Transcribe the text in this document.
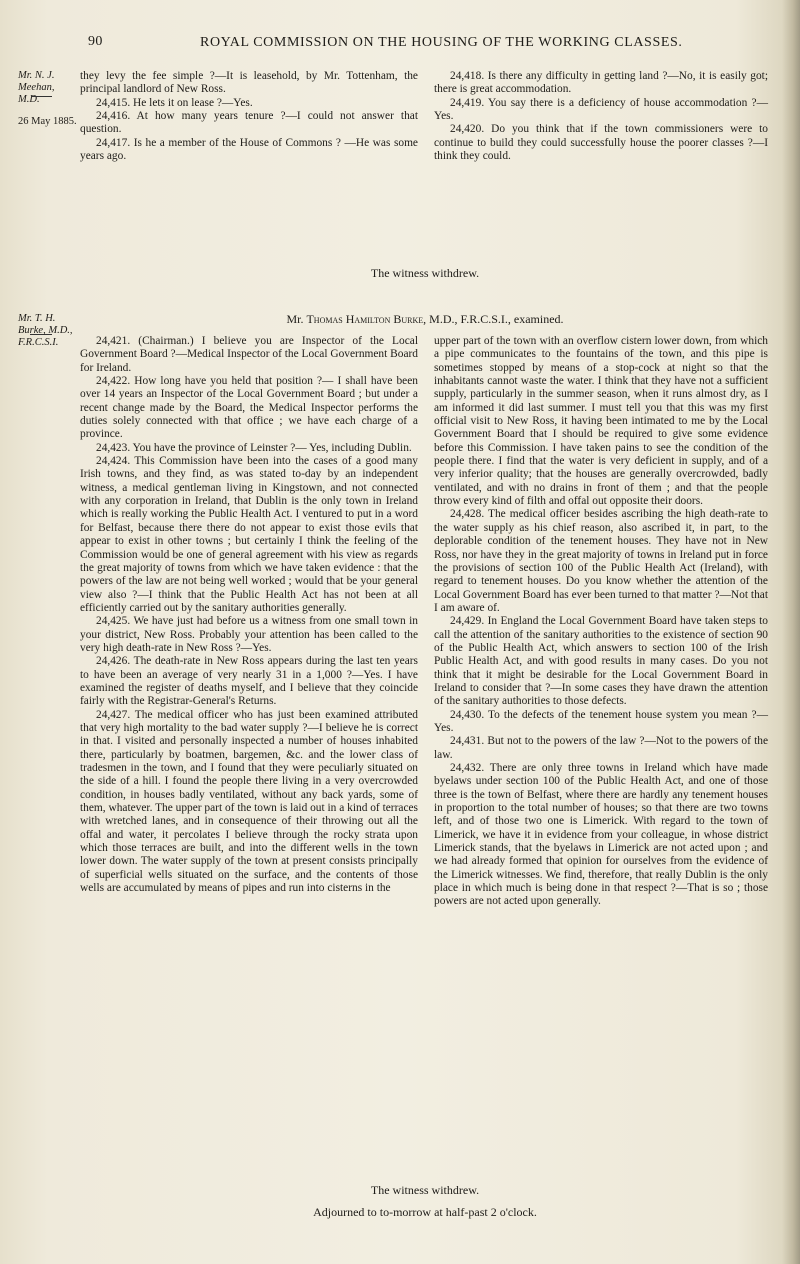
90	ROYAL COMMISSION ON THE HOUSING OF THE WORKING CLASSES.
Mr. N. J. Meehan, M.D.
26 May 1885.

they levy the fee simple ?—It is leasehold, by Mr. Tottenham, the principal landlord of New Ross.

24,415. He lets it on lease ?—Yes.

24,416. At how many years tenure ?—I could not answer that question.

24,417. Is he a member of the House of Commons ? —He was some years ago.

24,418. Is there any difficulty in getting land ?—No, it is easily got; there is great accommodation.

24,419. You say there is a deficiency of house accommodation ?—Yes.

24,420. Do you think that if the town commissioners were to continue to build they could successfully house the poorer classes ?—I think they could.

The witness withdrew.
Mr. T. H. Burke, M.D., F.R.C.S.I.
Mr. Thomas Hamilton Burke, M.D., F.R.C.S.I., examined.

24,421. (Chairman.) I believe you are Inspector of the Local Government Board ?—Medical Inspector of the Local Government Board for Ireland.

24,422. How long have you held that position ?— I shall have been over 14 years an Inspector of the Local Government Board ; but under a recent change made by the Board, the Medical Inspector performs the duties solely connected with that office ; we have each charge of a province.

24,423. You have the province of Leinster ?— Yes, including Dublin.

24,424. This Commission have been into the cases of a good many Irish towns, and they find, as was stated to-day by an independent witness, a medical gentleman living in Kingstown, and not connected with any corporation in Ireland, that Dublin is the only town in Ireland which is really working the Public Health Act. I ventured to put in a word for Belfast, because there there do not appear to exist those evils that appear to exist in other towns ; but certainly I think the feeling of the Commission would be one of general agreement with his view as regards the great majority of towns from which we have taken evidence : that the powers of the law are not being well worked ; would that be your general view also ?—I think that the Public Health Act has not been at all efficiently carried out by the sanitary authorities generally.

24,425. We have just had before us a witness from one small town in your district, New Ross. Probably your attention has been called to the very high death-rate in New Ross ?—Yes.

24,426. The death-rate in New Ross appears during the last ten years to have been an average of very nearly 31 in a 1,000 ?—Yes. I have examined the register of deaths myself, and I believe that they coincide fairly with the Registrar-General's Returns.

24,427. The medical officer who has just been examined attributed that very high mortality to the bad water supply ?—I believe he is correct in that. I visited and personally inspected a number of houses inhabited there, particularly by boatmen, bargemen, &c. and the lower class of tradesmen in the town, and I found that they were peculiarly situated on the side of a hill. I found the people there living in a very overcrowded condition, in houses badly ventilated, without any back yards, some of them, whatever. The upper part of the town is laid out in a kind of terraces with wretched lanes, and in consequence of their throwing out all the offal and water, it percolates I believe through the rocky strata upon which those terraces are built, and into the different wells in the town lower down. The water supply of the town at present consists principally of superficial wells situated on the surface, and the contents of those wells are accumulated by means of pipes and run into cisterns in the

upper part of the town with an overflow cistern lower down, from which a pipe communicates to the fountains of the town, and this pipe is sometimes stopped by means of a stop-cock at night so that the inhabitants cannot waste the water. I think that they have not a sufficient supply, particularly in the summer season, when it runs almost dry, as I am informed it did last summer. I must tell you that this was my first official visit to New Ross, it having been intimated to me by the Local Government Board that I should be required to give some evidence before this Commission. I have taken pains to see the condition of the people there. I find that the water is very deficient in supply, and of a very inferior quality; that the houses are generally overcrowded, badly ventilated, and with no drains in front of them ; and that the people throw every kind of filth and offal out opposite their doors.

24,428. The medical officer besides ascribing the high death-rate to the water supply as his chief reason, also ascribed it, in part, to the deplorable condition of the tenement houses. They have not in New Ross, nor have they in the great majority of towns in Ireland put in force the provisions of section 100 of the Public Health Act (Ireland), with regard to tenement houses. Do you know whether the attention of the Local Government Board has ever been turned to that matter ?—Not that I am aware of.

24,429. In England the Local Government Board have taken steps to call the attention of the sanitary authorities to the existence of section 90 of the Public Health Act, which answers to section 100 of the Irish Public Health Act, and with good results in many cases. Do you not think that it might be desirable for the Local Government Board in Ireland to consider that ?—In some cases they have drawn the attention of the sanitary authorities to those defects.

24,430. To the defects of the tenement house system you mean ?—Yes.

24,431. But not to the powers of the law ?—Not to the powers of the law.

24,432. There are only three towns in Ireland which have made byelaws under section 100 of the Public Health Act, and one of those three is the town of Belfast, where there are hardly any tenement houses in proportion to the total number of houses; so that there are two towns left, and of those two one is Limerick. With regard to the town of Limerick, we have it in evidence from your colleague, in whose district Limerick stands, that the byelaws in Limerick are not acted upon ; and we had already formed that opinion for ourselves from the evidence of the Limerick witnesses. We find, therefore, that really Dublin is the only place in which much is being done in that respect ?—That is so ; those powers are not acted upon generally.

The witness withdrew.
Adjourned to to-morrow at half-past 2 o'clock.
